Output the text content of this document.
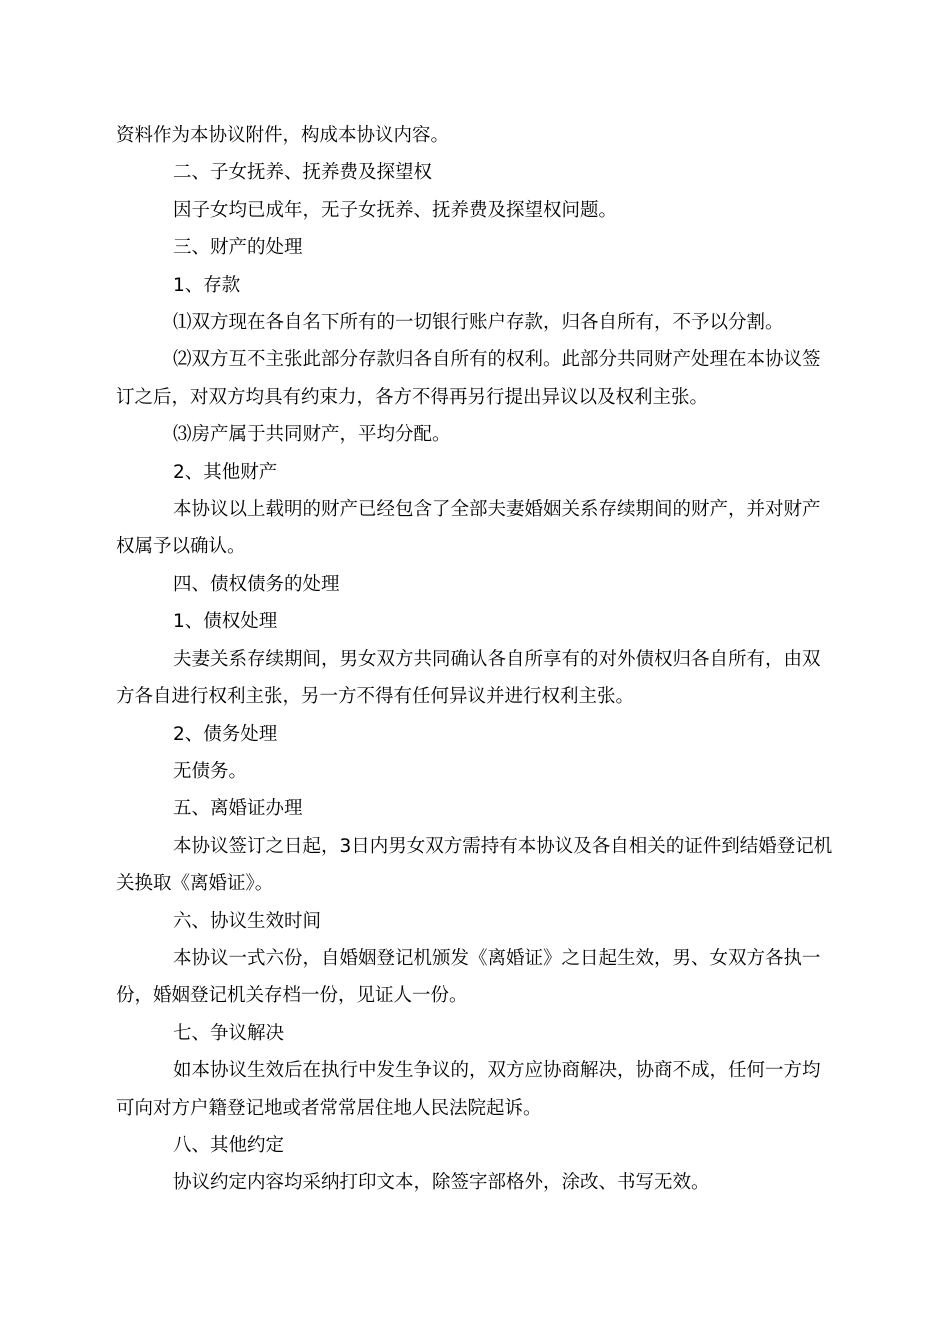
资料作为本协议附件，构成本协议内容。

二、子女抚养、抚养费及探望权

因子女均已成年，无子女抚养、抚养费及探望权问题。

三、财产的处理

1、存款

⑴双方现在各自名下所有的一切银行账户存款，归各自所有，不予以分割。

⑵双方互不主张此部分存款归各自所有的权利。此部分共同财产处理在本协议签订之后，对双方均具有约束力，各方不得再另行提出异议以及权利主张。

⑶房产属于共同财产，平均分配。

2、其他财产

本协议以上载明的财产已经包含了全部夫妻婚姻关系存续期间的财产，并对财产权属予以确认。

四、债权债务的处理

1、债权处理

夫妻关系存续期间，男女双方共同确认各自所享有的对外债权归各自所有，由双方各自进行权利主张，另一方不得有任何异议并进行权利主张。

2、债务处理

无债务。

五、离婚证办理

本协议签订之日起，3日内男女双方需持有本协议及各自相关的证件到结婚登记机关换取《离婚证》。

六、协议生效时间

本协议一式六份，自婚姻登记机颁发《离婚证》之日起生效，男、女双方各执一份，婚姻登记机关存档一份，见证人一份。

七、争议解决

如本协议生效后在执行中发生争议的，双方应协商解决，协商不成，任何一方均可向对方户籍登记地或者常常居住地人民法院起诉。

八、其他约定

协议约定内容均采纳打印文本，除签字部格外，涂改、书写无效。
